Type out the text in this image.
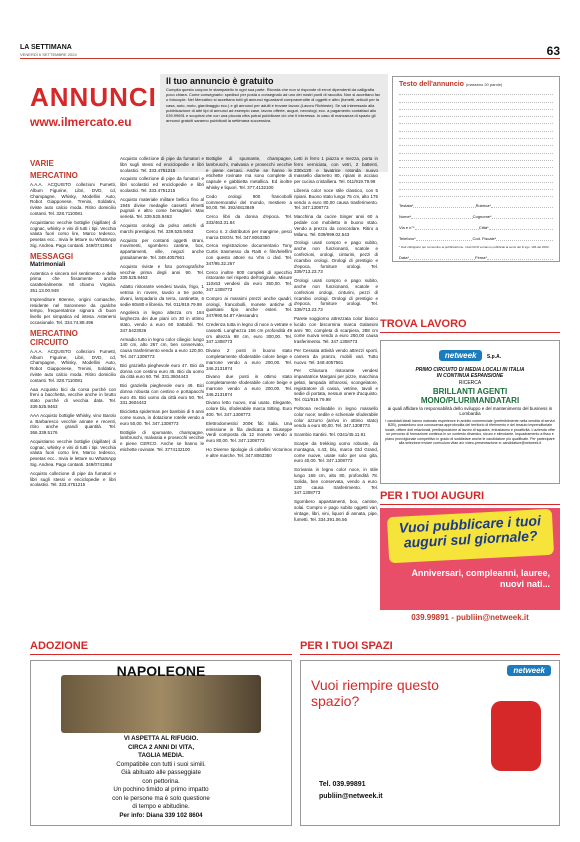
LA SETTIMANA
VENERDÌ 6 SETTEMBRE 2024	63
ANNUNCI
www.ilmercato.eu
Il tuo annuncio è gratuito

Compila questo coupon in stampatello in ogni sua parte. Ricorda che non si risponde di errori dipendenti da calligrafia poco chiara. Come consegnarlo: spedisci per posta o consegnalo ad uno dei nostri punti di raccolta. Non si accettano fax o fotocopie. Nel Mercatino si accettano tutti gli annunci riguardanti compravendite di oggetti e altro (fumetti, articoli per la casa, auto, moto, giardinaggio ecc.) e gli annunci per adulti e trovare lavoro (Lavoro Richieste). Se vai interessato alla pubblicazione di altri tipi di annunci ad esempio case, lavoro offerte, auguri, necrologi, ecc. a pagamento contattaci allo 039.99691 e scoprirai che con una piccola cifra potrai pubblicare ciò che ti interessa. In caso di mancanza di spazio gli annunci gratuiti saranno pubblicati la settimana successiva.

Testo dell'annuncio (massimo 20 parole)
Testata*	Rubrica*
Nome*	Cognome*
Via e n°*	Città*
Telefono*	Cod. Fiscale*
* Dati obbligatori per consentire la pubblicazione. I dati NON verranno pubblicati ai sensi del D.Lgs. 196 del 2003.
Data*	Firma*
VARIE
MERCATINO

A.A.A. ACQUISTO collezioni Fumetti, Album Figurine, Libri, DVD, cd, Champagne, Whisky, Modellini Auto, Robot Giapponese, Trenini, Soldatini, riviste auto calcio moda. Ritiro domicilio contanti. Tel. 328.7110081

Acquistiamo vecchie bottiglie (sigillate) di cognac, whisky e vini di tutti i tipi. Vecchia valuta fuori corso lire, Marco tedesco, pesetas ecc.. Invia le letture su WhatsApp Sig. Andrea. Pago contanti. 349/0741864

MESSAGGI
Matrimoniali

Autentica e sincera nel sentimento e della prima che fissamente anche caratterialmente. Mi chiamo Virginia. 351.13.00.949

Imprenditore 60enne, origini comasche, residente nel Saronnese da qualche tempo, frequentatrice signora di buon livello per simpatica ed intesa. Astenersi occasionale. Tel. 334.74.88.496

MERCATINO CIRCUITO

A.A.A. ACQUISTO collezioni Fumetti, Album Figurine, Libri, DVD, cd, Champagne, Whisky, Modellini Auto, Robot Giapponese, Trenini, Soldatini, riviste auto calcio moda. Ritiro domicilio contanti. Tel. 328.7110081

Aaa Acquisto bici da corsa purché con freni a bacchetta, vecchie anche in brutto stato purché di vecchia data. Tel. 339.525.9463

AAA Acquisto bottiglie Whisky, vino Barolo a Barbaresco vecchie annate e recenti, ritiro anche grandi quantità. Tel. 366.339.5176

Acquistiamo vecchie bottiglie (sigillate) di cognac, whisky e vini di tutti i tipi. Vecchia valuta fuori corso lire, Marco tedesco, pesetas ecc.. Invia le letture su WhatsApp Sig. Andrea. Pago contanti. 349/0741864

Acquisto collezione di pipe da fumatori e libri sugli stessi e enciclopedie e libri scolastici. Tel. 333.4751215

Acquisto collezione di pipe da fumatori e libri sugli stessi ed enciclopedie e libri scolastici. Tel. 333.4751215

Acquisto collezione di pipe da fumatori e libri scolastici ed enciclopedie e libri scolastici. Tel. 333.4751215

Acquisto materiale militare bellico fino al 1945 divise medaglie cassetti elmetti pugnali e altro come bersaglieri. Max serietà. Tel. 339.525.9463

Acquisto orologi da polso antichi di marchi prestigiosi. Tel. 339.525.9463

Acquisto per contanti oggetti strani, movimenti, sgombero cantine, box, appartamenti, ville, negozi anche gratuitamente. Tel. 348.4057561

Acquisto riviste e foto pornografiche vecchie prima degli anni 90. Tel. 339.525.9463

Adatto ristorante vendesi tavola, frigo, 1 vetrina in rovere, tavolo a tre porte, divani, lampadario da terra, cantinette, 6 sedie 80x80 e libreria. Tel. 011/919.79.98

Angoliera in legno altezza cm 184 larghezza dei due piani cm 30 in ottimo stato, vendo a euro 60 trattabili. Tel. 347.5423026

Armadio tutto in legno color ciliegio: lungo 140 cm, alto 267 cm, ben conservato, causa trasferimento vendo a euro 120,00. Tel. 347.1308773

Bici graziella pieghevole euro 47. Bici da donna con cestino euro 45. Bici da uomo da città euro 50. Tel. 331.3604443

Bici graziella pieghevole euro 49. Bici donna robusta con cestino e portapacchi euro 45. Bici uomo da città euro 50. Tel. 331.3604443

Bicicletta spiderman per bambini di 6 anni come nuova, in dotazione rotelle vendo a euro 50,00. Tel. 347.1308773

Bottiglie di spumante, champagne, lambruschi, malvasia e prosecchi vecchie e piene CERCO. Anche se hanno le etichette rovinate. Tel. 3774132100

Bottiglie di spumante, champagne, lambruschi, malvasia e prosecchi vecchie e piene cercasi. Anche se hanno le etichette rovinate ma sono complete di capsule e gabbietta metallica. Ed inoltre whisky e liquori. Tel. 377.4132100

Cedo orologi 900 francobolli commemorativi del mondo, mestiere a 50,00. Tel. 392/4813849

Cerco libri da donna d'epoca. Tel. 333/463.31.84

Cerco n. 2 distributori per mangime, pesci marca DSGN. Tel. 347.8063350

Cerca registrazione documentario Tony Curtis trasmesso da Rai5 e film/telefilm con questo attore su Vhs o dvd. Tel. 347/95.32.267

Cerco inoltre 800 completi di specchio ristorante nel rispetto dell'originale. Misure 110x53 vendesi da euro 350,00. Tel. 347.1308773

Compro ai massimi prezzi anche quadri, orologi, francobolli, monete antiche di qualsiasi tipo anche esteri. Tel. 347/990.54.87 Alessandro

Credenza tutta in legno di noce a vetrate e cassetti. Lunghezza 156 cm profondità 49 cm altezza 98 cm, euro 300,00. Tel. 347.1308773

Divano 2 posti in buono stato completamente sfoderabile colore beige e marrone vendo a euro 200,00. Tel. 346.2131874

Divano due posti in ottimo stato completamente sfoderabile colore beige e marrone vendo a euro 200,00. Tel. 346.2131874

Divano letto nuovo, mai usato. Elegante, colore blu, sfoderabile marca Sitting. Euro 400. Tel. 347.1308773

Elettrodomestici 200€ fdc italia. Una emissione in fila dedicata a Giuseppe Verdi composta da 12 monete vendo a euro 80,00. Tel. 347.1308773

Ho Diverse tipologie di coltellini Victorinox e altre marche. Tel. 347.8063350

Letti in ferro 1 piazza e mezza, porta in ferro verniciata, con vetri, 2 battenti, 230x120 e lavatrice rotonda nuovo massello diametro 80, ripiani in acciaio per cucina cristalliera. Tel. 011/919.79.98

Libreria color noce stile classico, con 5 ripiani. Buono stato lungo 75 cm, alto 175 vendo a euro 80,00 causa trasferimento. Tel. 347.1308773

Macchina da cucire Singer anni 60 a pedale con mobiletto in buono stato. Vendo a prezzo da concordare. Ritiro a Milano. Tel. 039/999.02.543

Orologi usati compro e pago subito, anche non funzionanti, scatole e confezioni, orologi, cinturini, pezzi di ricambio orologi. Orologi di prestigio e d'epoca, forniture orologi. Tel. 339/713.23.73

Orologi usati compro e pago subito, anche non funzionanti, scatole e confezioni orologi, cinturini, pezzi di ricambio orologi. Orologi di prestigio e d'epoca, forniture orologi. Tel. 339/713.23.73

Parete soggiorno attrezzata color bianco lucido con biscornina marca Galassini anni '80, completa di scarpiera, 288 cm come nuova vendo a euro 250,00 causa trasferimento. Tel. 347.1308773

Per Cessata attività vendo attrezzi sporti, camera da pranzo, mobili vari. Tutto nuovo. Tel. 348.4057561

Per Chiusura ristorante vendesi impastatrice Margani per pizze, macchina gelati, lampada infrarossi, scongelatore, registratore di cassa, vetrine, tavoli e sedie di portata, nessun onere d'acquisto. Tel. 011/919.79.98

Poltrona reclinabile in legno massello color noce; sedile e schienale sfoderabile color azzurro (arrivo in ottimo stato) vendo a euro 80,00. Tel. 347.1308773

Scambio Santini. Tel. 0341/45.11.91

Scarpe da trekking uomo robuste, da montagna, n.43, blu, marca Gtd Grand, come nuove, usate solo per una gita, euro 40,00. Tel. 347.1308773

Scrivania in legno color noce, in stile lungo 165 cm, alto 80, profondità 78. Solida, ben conservata, vendo a euro. 120 causa trasferimento. Tel. 347.1308773

Sgombero appartamenti, box, cantine, solai. Compro e pago subito oggetti vari, vintage, libri, vini, liquori di annata, pipe, fumetti. Tel. 334.391.06.56

TROVA LAVORO
netweek S.p.A.
PRIMO CIRCUITO DI MEDIA LOCALI IN ITALIA
IN CONTINUA ESPANSIONE
RICERCA
BRILLANTI AGENTI MONO/PLURIMANDATARI
ai quali affidare la responsabilità dello sviluppo e del mantenimento del business in Lombardia
I candidati ideali hanno maturato esperienze in ambito commerciale (preferibilmente nella vendita di servizi B2B), possiedono una conoscenza approfondita del territorio di riferimento e del tessuto imprenditoriale locale, ottime doti relazionali, predisposizione al lavoro di squadra, entusiasmo e proattività. L'azienda offre un percorso di formazione continua in un contesto dinamico, sicuro e stimolante. Inquadramento a fisso e piano provvigionale competitivo in grado di soddisfare anche le candidature più qualificate. Per partecipare alla selezione inviare curriculum vitae a/o video-presentazione a: candidature@netweek.it
PER I TUOI AUGURI
Vuoi pubblicare i tuoi auguri sul giornale?
Anniversari, compleanni, lauree, nuovi nati...
039.99891 - publiin@netweek.it
ADOZIONE
NAPOLEONE
VI ASPETTA AL RIFUGIO.
CIRCA 2 ANNI DI VITA,
TAGLIA MEDIA.
Compatibile con tutti i suoi simili.
Già abituato alle passeggiate
con pettorina.
Un pochino timido al primo impatto
con le persone ma è solo questione
di tempo e abitudine.
Per info: Diana 339 102 8604
PER I TUOI SPAZI
netweek
Vuoi riempire questo spazio?
Tel. 039.99891
publiin@netweek.it
